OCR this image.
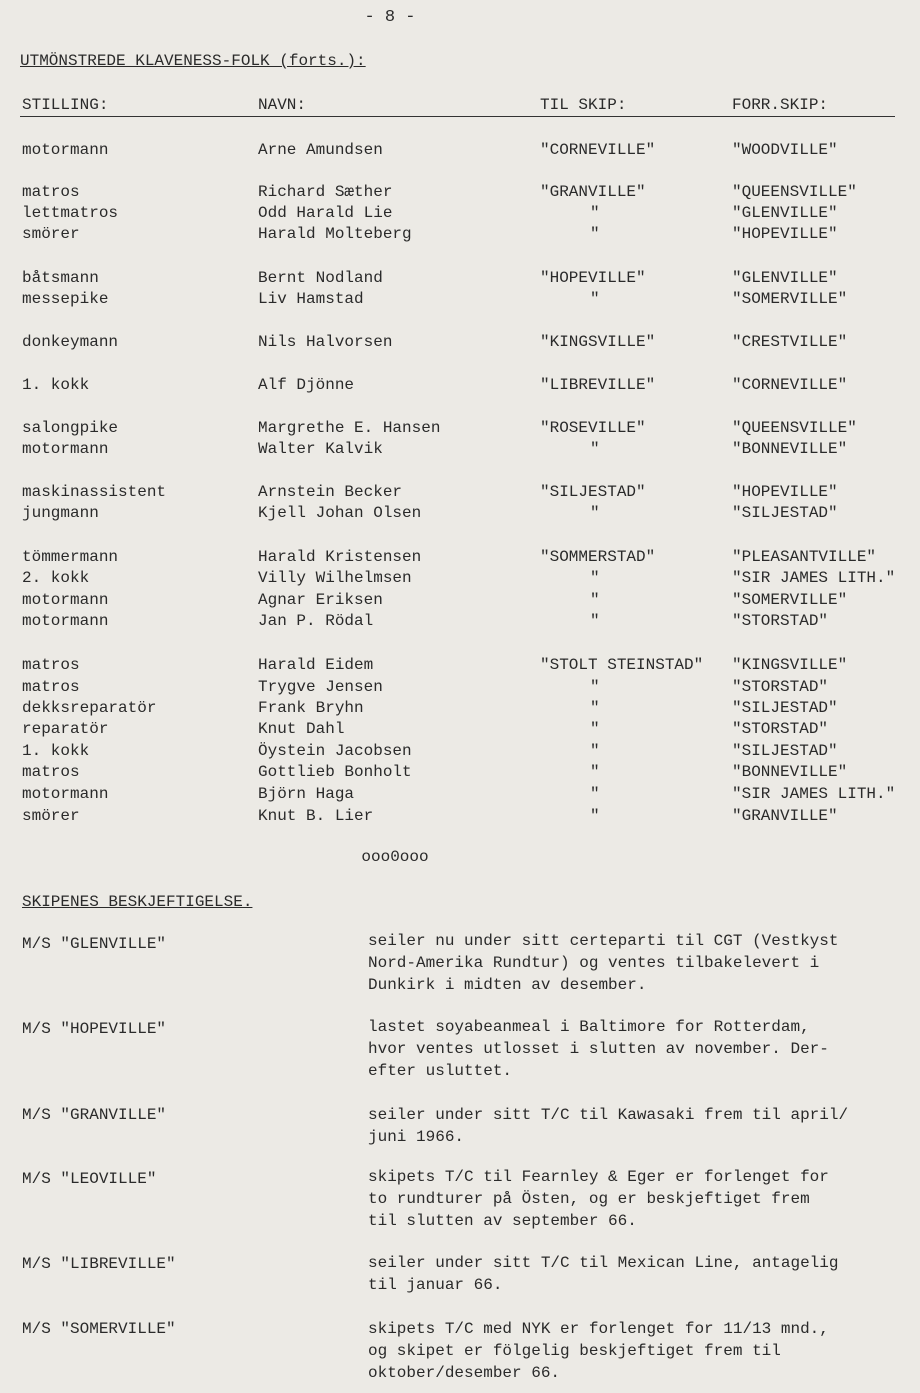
- 8 -
UTMÖNSTREDE KLAVENESS-FOLK (forts.):
STILLING:	NAVN:	TIL SKIP:	FORR.SKIP:
motormann	Arne Amundsen	"CORNEVILLE"	"WOODVILLE"
matros	Richard Sæther	"GRANVILLE"	"QUEENSVILLE"
lettmatros	Odd Harald Lie	"	"GLENVILLE"
smörer	Harald Molteberg	"	"HOPEVILLE"
båtsmann	Bernt Nodland	"HOPEVILLE"	"GLENVILLE"
messepike	Liv Hamstad	"	"SOMERVILLE"
donkeymann	Nils Halvorsen	"KINGSVILLE"	"CRESTVILLE"
1. kokk	Alf Djönne	"LIBREVILLE"	"CORNEVILLE"
salongpike	Margrethe E. Hansen	"ROSEVILLE"	"QUEENSVILLE"
motormann	Walter Kalvik	"	"BONNEVILLE"
maskinassistent	Arnstein Becker	"SILJESTAD"	"HOPEVILLE"
jungmann	Kjell Johan Olsen	"	"SILJESTAD"
tömmermann	Harald Kristensen	"SOMMERSTAD"	"PLEASANTVILLE"
2. kokk	Villy Wilhelmsen	"	"SIR JAMES LITH."
motormann	Agnar Eriksen	"	"SOMERVILLE"
motormann	Jan P. Rödal	"	"STORSTAD"
matros	Harald Eidem	"STOLT STEINSTAD" "KINGSVILLE"
matros	Trygve Jensen	"	"STORSTAD"
dekksreparatör	Frank Bryhn	"	"SILJESTAD"
reparatör	Knut Dahl	"	"STORSTAD"
1. kokk	Öystein Jacobsen	"	"SILJESTAD"
matros	Gottlieb Bonholt	"	"BONNEVILLE"
motormann	Björn Haga	"	"SIR JAMES LITH."
smörer	Knut B. Lier	"	"GRANVILLE"
ooo0ooo
SKIPENES BESKJEFTIGELSE.
M/S "GLENVILLE"	seiler nu under sitt certeparti til CGT (Vestkyst
Nord-Amerika Rundtur) og ventes tilbakelevert i
Dunkirk i midten av desember.
M/S "HOPEVILLE"	lastet soyabeanmeal i Baltimore for Rotterdam,
hvor ventes utlosset i slutten av november. Der-
efter usluttet.
M/S "GRANVILLE"	seiler under sitt T/C til Kawasaki frem til april/
juni 1966.
M/S "LEOVILLE"	skipets T/C til Fearnley & Eger er forlenget for
to rundturer på Östen, og er beskjeftiget frem
til slutten av september 66.
M/S "LIBREVILLE"	seiler under sitt T/C til Mexican Line, antagelig
til januar 66.
M/S "SOMERVILLE"	skipets T/C med NYK er forlenget for 11/13 mnd.,
og skipet er fölgelig beskjeftiget frem til
oktober/desember 66.
